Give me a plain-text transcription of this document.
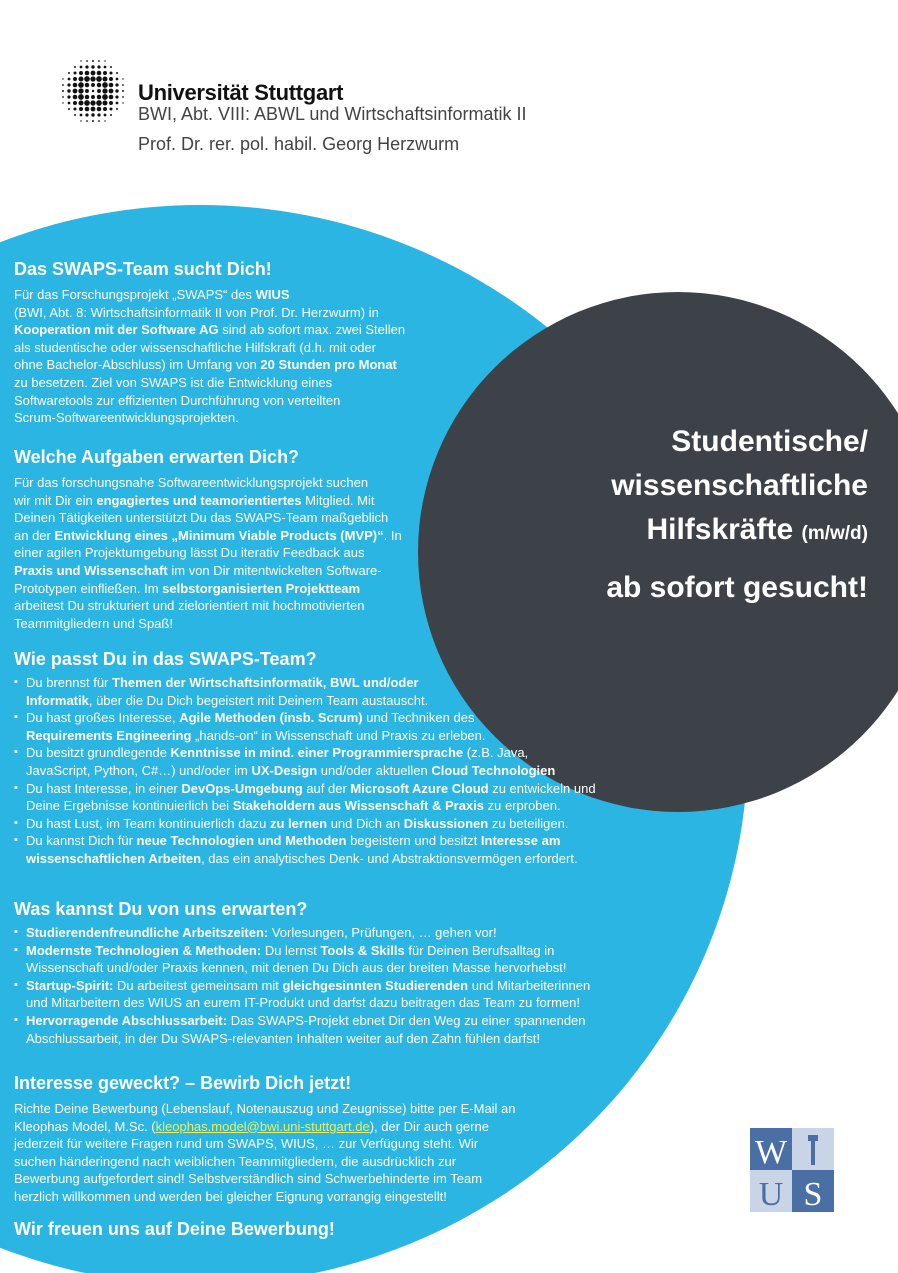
Universität Stuttgart
BWI, Abt. VIII: ABWL und Wirtschaftsinformatik II
Prof. Dr. rer. pol. habil. Georg Herzwurm
Studentische/
wissenschaftliche
Hilfskräfte (m/w/d)
ab sofort gesucht!
Das SWAPS-Team sucht Dich!

Für das Forschungsprojekt „SWAPS“ des WIUS
(BWI, Abt. 8: Wirtschaftsinformatik II von Prof. Dr. Herzwurm) in
Kooperation mit der Software AG sind ab sofort max. zwei Stellen
als studentische oder wissenschaftliche Hilfskraft (d.h. mit oder
ohne Bachelor-Abschluss) im Umfang von 20 Stunden pro Monat
zu besetzen. Ziel von SWAPS ist die Entwicklung eines
Softwaretools zur effizienten Durchführung von verteilten
Scrum-Softwareentwicklungsprojekten.

Welche Aufgaben erwarten Dich?

Für das forschungsnahe Softwareentwicklungsprojekt suchen
wir mit Dir ein engagiertes und teamorientiertes Mitglied. Mit
Deinen Tätigkeiten unterstützt Du das SWAPS-Team maßgeblich
an der Entwicklung eines „Minimum Viable Products (MVP)“. In
einer agilen Projektumgebung lässt Du iterativ Feedback aus
Praxis und Wissenschaft im von Dir mitentwickelten Software-
Prototypen einfließen. Im selbstorganisierten Projektteam
arbeitest Du strukturiert und zielorientiert mit hochmotivierten
Teammitgliedern und Spaß!

Wie passt Du in das SWAPS-Team?
▪ Du brennst für Themen der Wirtschaftsinformatik, BWL und/oder
Informatik, über die Du Dich begeistert mit Deinem Team austauscht.
▪ Du hast großes Interesse, Agile Methoden (insb. Scrum) und Techniken des
Requirements Engineering „hands-on“ in Wissenschaft und Praxis zu erleben.
▪ Du besitzt grundlegende Kenntnisse in mind. einer Programmiersprache (z.B. Java,
JavaScript, Python, C#…) und/oder im UX-Design und/oder aktuellen Cloud Technologien
▪ Du hast Interesse, in einer DevOps-Umgebung auf der Microsoft Azure Cloud zu entwickeln und
Deine Ergebnisse kontinuierlich bei Stakeholdern aus Wissenschaft & Praxis zu erproben.
▪ Du hast Lust, im Team kontinuierlich dazu zu lernen und Dich an Diskussionen zu beteiligen.
▪ Du kannst Dich für neue Technologien und Methoden begeistern und besitzt Interesse am
wissenschaftlichen Arbeiten, das ein analytisches Denk- und Abstraktionsvermögen erfordert.
Was kannst Du von uns erwarten?
▪ Studierendenfreundliche Arbeitszeiten: Vorlesungen, Prüfungen, … gehen vor!
▪ Modernste Technologien & Methoden: Du lernst Tools & Skills für Deinen Berufsalltag in
Wissenschaft und/oder Praxis kennen, mit denen Du Dich aus der breiten Masse hervorhebst!
▪ Startup-Spirit: Du arbeitest gemeinsam mit gleichgesinnten Studierenden und Mitarbeiterinnen
und Mitarbeitern des WIUS an eurem IT-Produkt und darfst dazu beitragen das Team zu formen!
▪ Hervorragende Abschlussarbeit: Das SWAPS-Projekt ebnet Dir den Weg zu einer spannenden
Abschlussarbeit, in der Du SWAPS-relevanten Inhalten weiter auf den Zahn fühlen darfst!
Interesse geweckt? – Bewirb Dich jetzt!

Richte Deine Bewerbung (Lebenslauf, Notenauszug und Zeugnisse) bitte per E-Mail an
Kleophas Model, M.Sc. (kleophas.model@bwi.uni-stuttgart.de), der Dir auch gerne
jederzeit für weitere Fragen rund um SWAPS, WIUS, … zur Verfügung steht. Wir
suchen händeringend nach weiblichen Teammitgliedern, die ausdrücklich zur
Bewerbung aufgefordert sind! Selbstverständlich sind Schwerbehinderte im Team
herzlich willkommen und werden bei gleicher Eignung vorrangig eingestellt!

Wir freuen uns auf Deine Bewerbung!
W
U S
